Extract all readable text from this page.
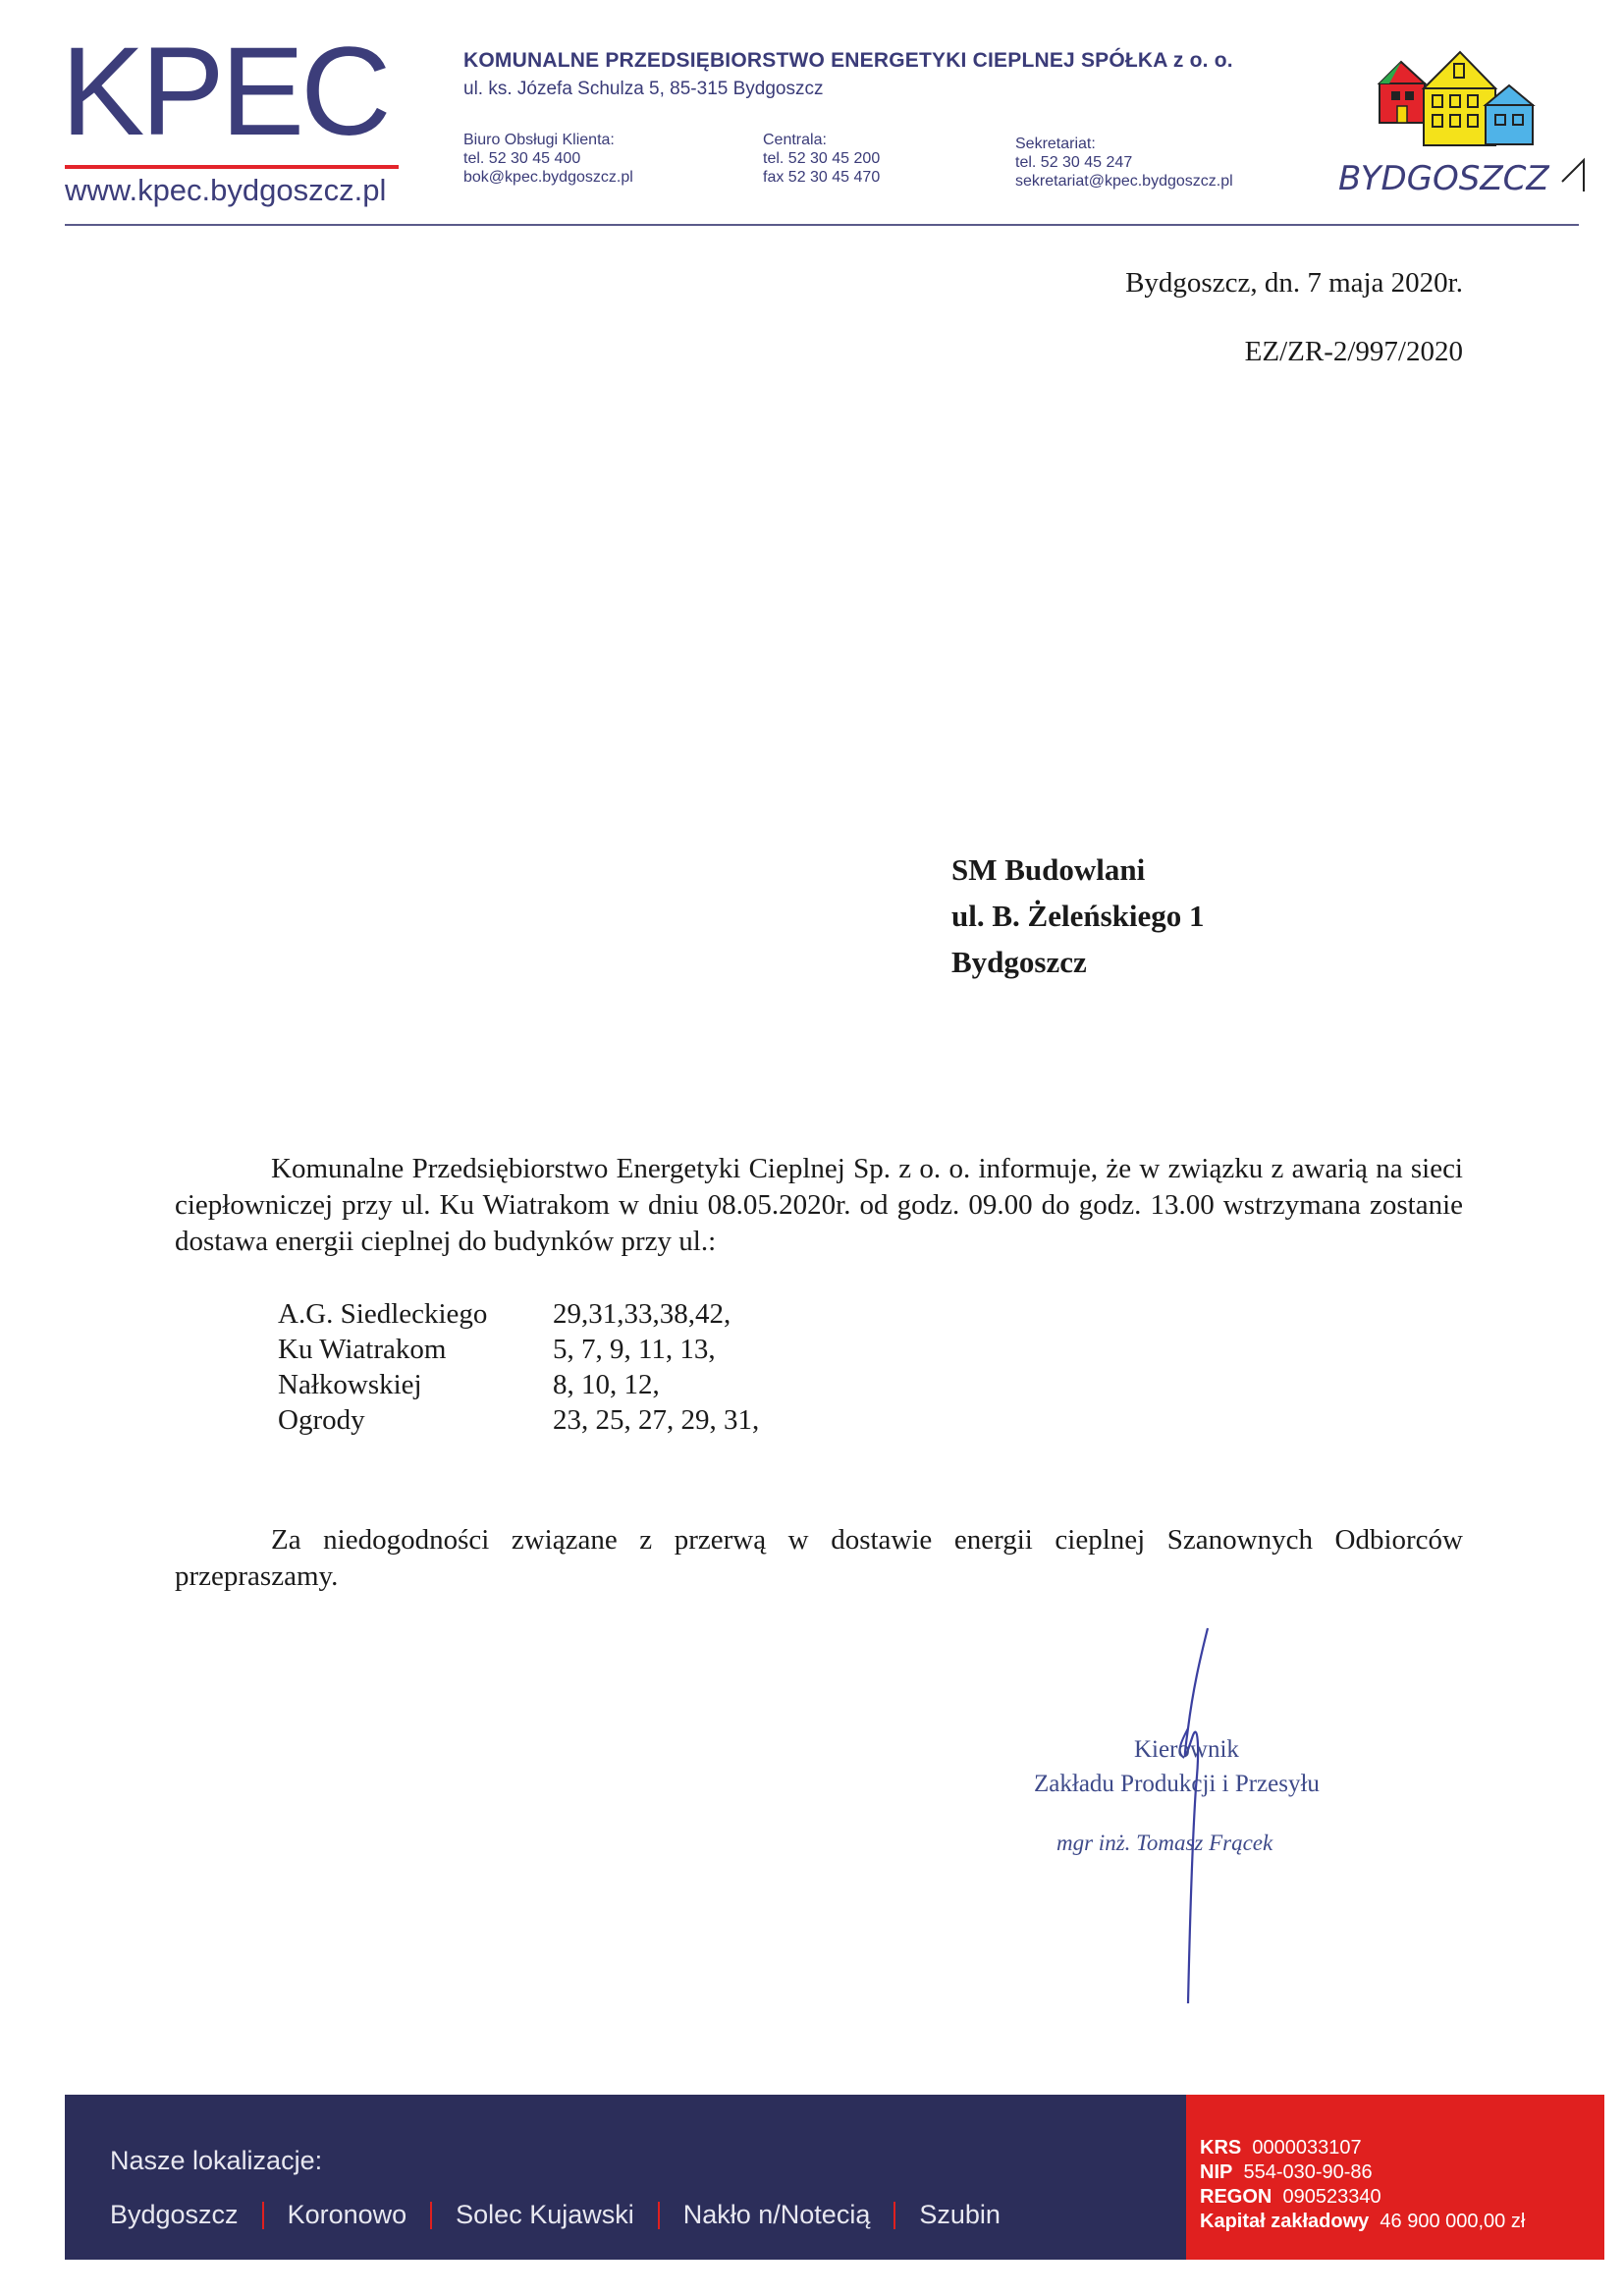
KPEC
www.kpec.bydgoszcz.pl
KOMUNALNE PRZEDSIĘBIORSTWO ENERGETYKI CIEPLNEJ SPÓŁKA z o. o.
ul. ks. Józefa Schulza 5, 85-315 Bydgoszcz
Biuro Obsługi Klienta:
tel. 52 30 45 400
bok@kpec.bydgoszcz.pl
Centrala:
tel. 52 30 45 200
fax 52 30 45 470
Sekretariat:
tel. 52 30 45 247
sekretariat@kpec.bydgoszcz.pl	BYDGOSZCZ
Bydgoszcz, dn. 7 maja 2020r.
EZ/ZR-2/997/2020
SM Budowlani
ul. B. Żeleńskiego 1
Bydgoszcz
Komunalne Przedsiębiorstwo Energetyki Cieplnej Sp. z o. o. informuje, że w związku z awarią na sieci ciepłowniczej przy ul. Ku Wiatrakom w dniu 08.05.2020r. od godz. 09.00 do godz. 13.00 wstrzymana zostanie dostawa energii cieplnej do budynków przy ul.:
A.G. Siedleckiego	29,31,33,38,42,
Ku Wiatrakom	5, 7, 9, 11, 13,
Nałkowskiej	8, 10, 12,
Ogrody	23, 25, 27, 29, 31,
Za niedogodności związane z przerwą w dostawie energii cieplnej Szanownych Odbiorców przepraszamy.
Kierownik
Zakładu Produkcji i Przesyłu
mgr inż. Tomasz Frącek
Nasze lokalizacje:
Bydgoszcz Koronowo Solec Kujawski Nakło n/Notecią Szubin
KRS 0000033107
NIP 554-030-90-86
REGON 090523340
Kapitał zakładowy 46 900 000,00 zł
